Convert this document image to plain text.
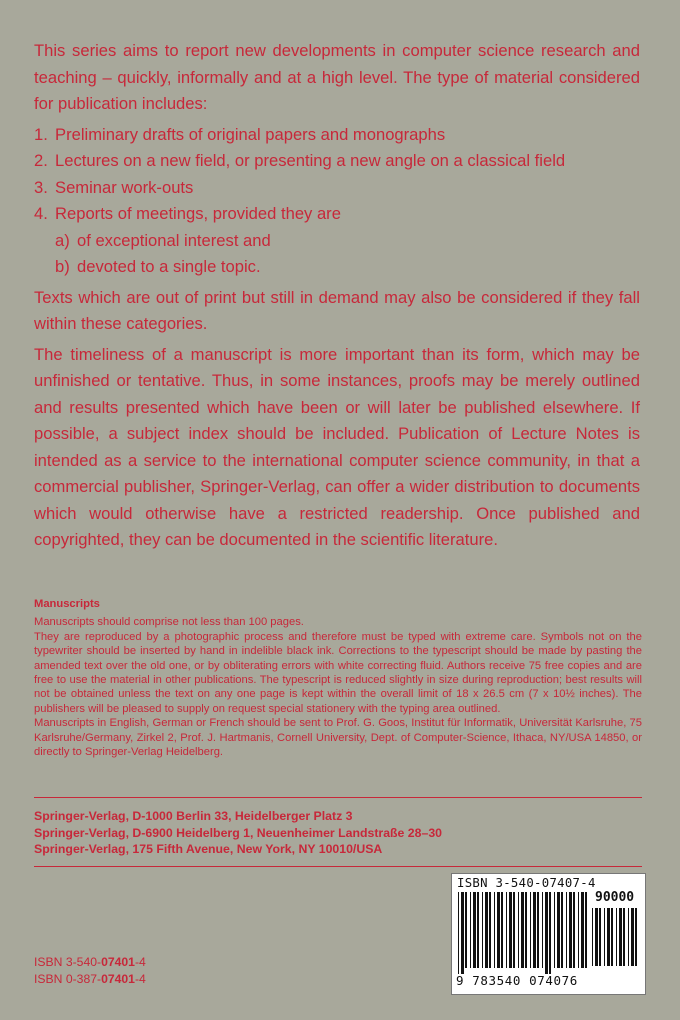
This series aims to report new developments in computer science research and teaching – quickly, informally and at a high level. The type of material considered for publication includes:

1. Preliminary drafts of original papers and monographs
2. Lectures on a new field, or presenting a new angle on a classical field
3. Seminar work-outs
4. Reports of meetings, provided they are
a) of exceptional interest and
b) devoted to a single topic.

Texts which are out of print but still in demand may also be considered if they fall within these categories.

The timeliness of a manuscript is more important than its form, which may be unfinished or tentative. Thus, in some instances, proofs may be merely outlined and results presented which have been or will later be published elsewhere. If possible, a subject index should be included. Publication of Lecture Notes is intended as a service to the international computer science community, in that a commercial publisher, Springer-Verlag, can offer a wider distribution to documents which would otherwise have a restricted readership. Once published and copyrighted, they can be documented in the scientific literature.

Manuscripts

Manuscripts should comprise not less than 100 pages.

They are reproduced by a photographic process and therefore must be typed with extreme care. Symbols not on the typewriter should be inserted by hand in indelible black ink. Corrections to the typescript should be made by pasting the amended text over the old one, or by obliterating errors with white correcting fluid. Authors receive 75 free copies and are free to use the material in other publications. The typescript is reduced slightly in size during reproduction; best results will not be obtained unless the text on any one page is kept within the overall limit of 18 x 26.5 cm (7 x 10½ inches). The publishers will be pleased to supply on request special stationery with the typing area outlined.

Manuscripts in English, German or French should be sent to Prof. G. Goos, Institut für Informatik, Universität Karlsruhe, 75 Karlsruhe/Germany, Zirkel 2, Prof. J. Hartmanis, Cornell University, Dept. of Computer-Science, Ithaca, NY/USA 14850, or directly to Springer-Verlag Heidelberg.

Springer-Verlag, D-1000 Berlin 33, Heidelberger Platz 3
Springer-Verlag, D-6900 Heidelberg 1, Neuenheimer Landstraße 28–30
Springer-Verlag, 175 Fifth Avenue, New York, NY 10010/USA
ISBN 3-540-07401-4
ISBN 0-387-07401-4
ISBN 3-540-07407-4
90000
9 783540 074076
